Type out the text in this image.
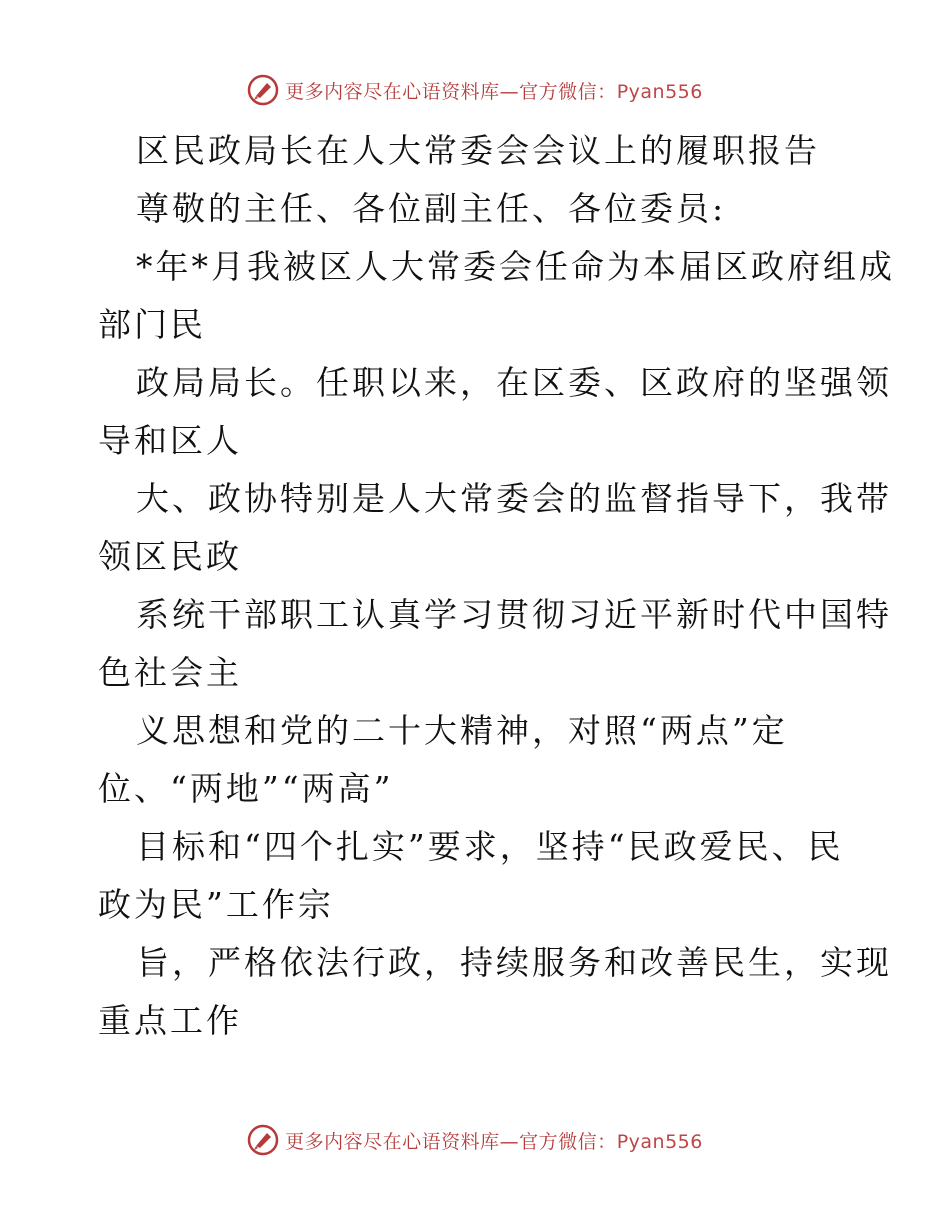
更多内容尽在心语资料库—官方微信：Pyan556
区民政局长在人大常委会会议上的履职报告
尊敬的主任、各位副主任、各位委员:
*年*月我被区人大常委会任命为本届区政府组成
部门民
政局局长。任职以来，在区委、区政府的坚强领
导和区人
大、政协特别是人大常委会的监督指导下，我带
领区民政
系统干部职工认真学习贯彻习近平新时代中国特
色社会主
义思想和党的二十大精神，对照“两点”定
位、“两地”“两高”
目标和“四个扎实”要求，坚持“民政爱民、民
政为民”工作宗
旨，严格依法行政，持续服务和改善民生，实现
重点工作
更多内容尽在心语资料库—官方微信：Pyan556
